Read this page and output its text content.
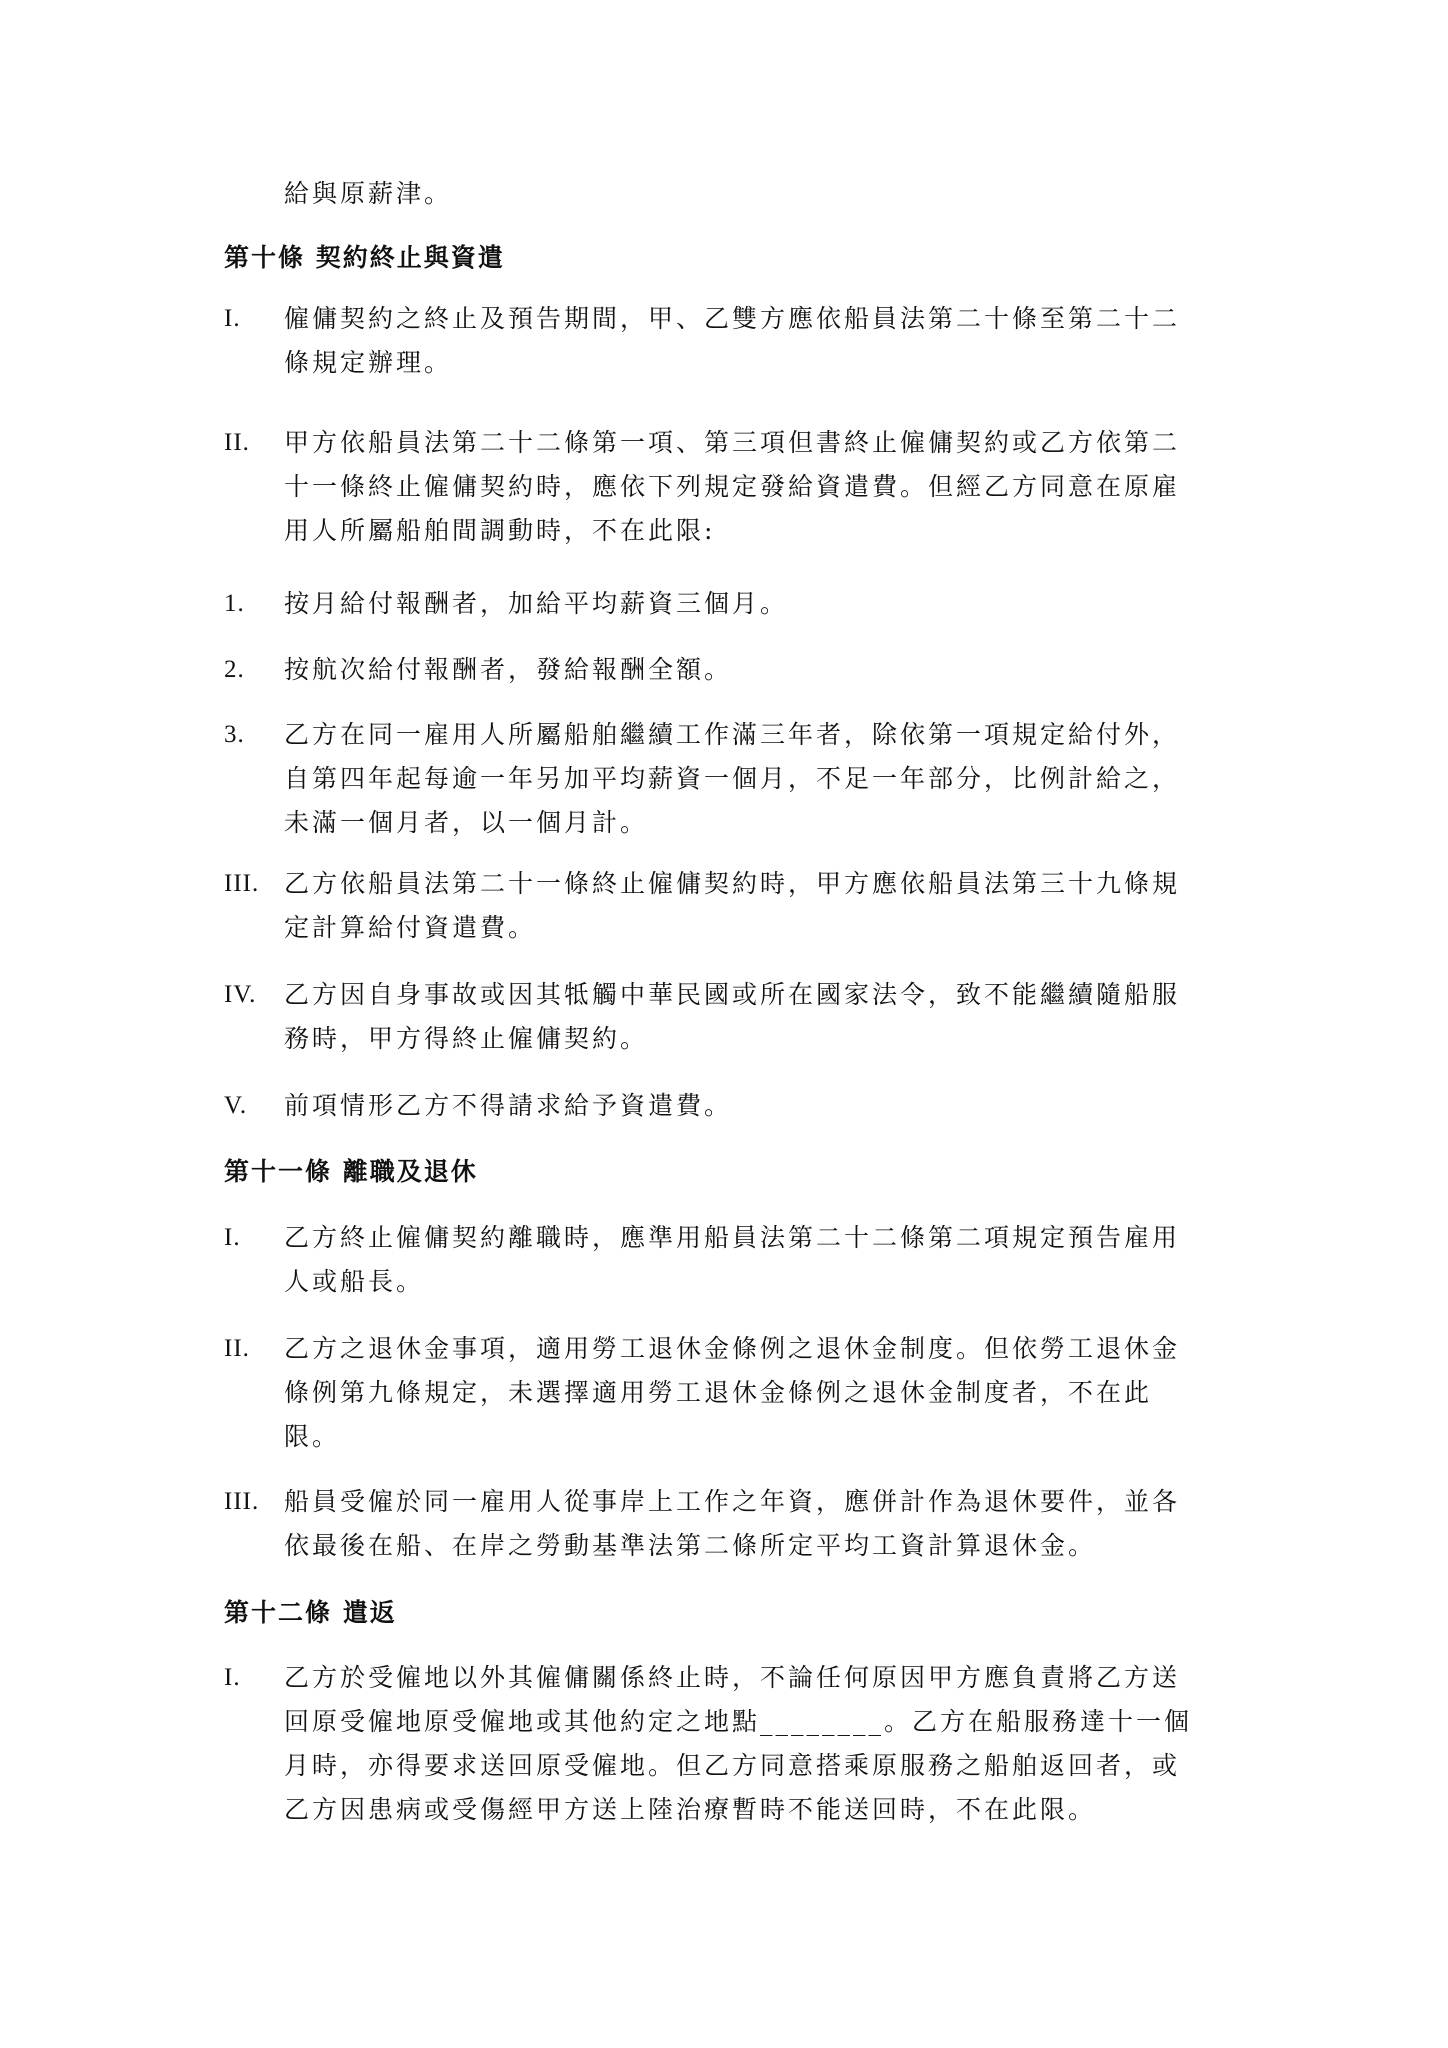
給與原薪津。
第十條 契約終止與資遣
I.	僱傭契約之終止及預告期間，甲、乙雙方應依船員法第二十條至第二十二
條規定辦理。
II.	甲方依船員法第二十二條第一項、第三項但書終止僱傭契約或乙方依第二
十一條終止僱傭契約時，應依下列規定發給資遣費。但經乙方同意在原雇
用人所屬船舶間調動時，不在此限:
1.	按月給付報酬者，加給平均薪資三個月。
2.	按航次給付報酬者，發給報酬全額。
3.	乙方在同一雇用人所屬船舶繼續工作滿三年者，除依第一項規定給付外，
自第四年起每逾一年另加平均薪資一個月，不足一年部分，比例計給之，
未滿一個月者，以一個月計。
III. 乙方依船員法第二十一條終止僱傭契約時，甲方應依船員法第三十九條規
定計算給付資遣費。
IV.	乙方因自身事故或因其牴觸中華民國或所在國家法令，致不能繼續隨船服
務時，甲方得終止僱傭契約。
V.	前項情形乙方不得請求給予資遣費。
第十一條 離職及退休
I.	乙方終止僱傭契約離職時，應準用船員法第二十二條第二項規定預告雇用
人或船長。
II.	乙方之退休金事項，適用勞工退休金條例之退休金制度。但依勞工退休金
條例第九條規定，未選擇適用勞工退休金條例之退休金制度者，不在此
限。
III. 船員受僱於同一雇用人從事岸上工作之年資，應併計作為退休要件，並各
依最後在船、在岸之勞動基準法第二條所定平均工資計算退休金。
第十二條 遣返
I.	乙方於受僱地以外其僱傭關係終止時，不論任何原因甲方應負責將乙方送
回原受僱地原受僱地或其他約定之地點________。乙方在船服務達十一個
月時，亦得要求送回原受僱地。但乙方同意搭乘原服務之船舶返回者，或
乙方因患病或受傷經甲方送上陸治療暫時不能送回時，不在此限。
